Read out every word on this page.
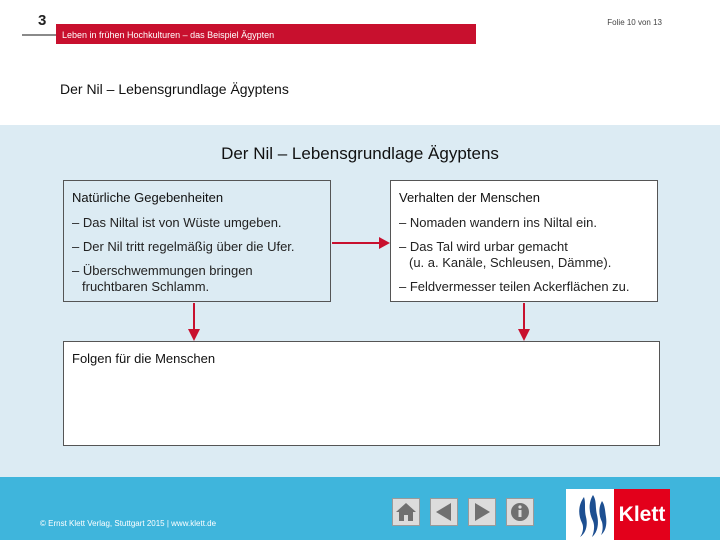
3
Leben in frühen Hochkulturen – das Beispiel Ägypten
Folie 10 von 13
Der Nil – Lebensgrundlage Ägyptens
Der Nil – Lebensgrundlage Ägyptens
Natürliche Gegebenheiten
– Das Niltal ist von Wüste umgeben.
– Der Nil tritt regelmäßig über die Ufer.
– Überschwemmungen bringen
fruchtbaren Schlamm.
Verhalten der Menschen
– Nomaden wandern ins Niltal ein.
– Das Tal wird urbar gemacht
(u. a. Kanäle, Schleusen, Dämme).
– Feldvermesser teilen Ackerflächen zu.
Folgen für die Menschen
© Ernst Klett Verlag, Stuttgart 2015 | www.klett.de	Klett
